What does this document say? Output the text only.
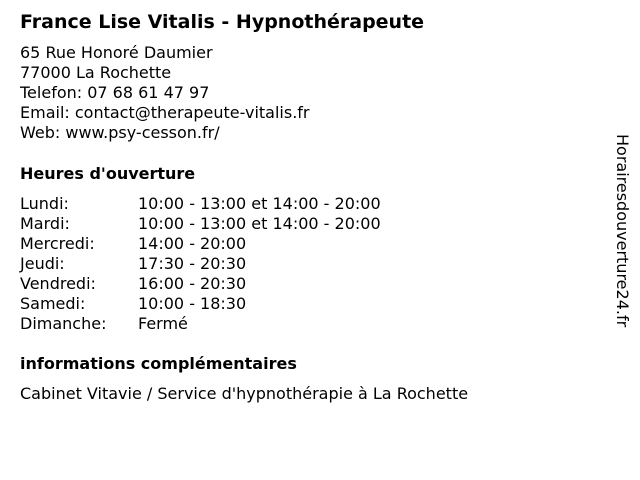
France Lise Vitalis - Hypnothérapeute
65 Rue Honoré Daumier
77000 La Rochette
Telefon: 07 68 61 47 97
Email: contact@therapeute-vitalis.fr
Web: www.psy-cesson.fr/
Heures d'ouverture
Lundi:	10:00 - 13:00 et 14:00 - 20:00
Mardi:	10:00 - 13:00 et 14:00 - 20:00
Mercredi:	14:00 - 20:00
Jeudi:	17:30 - 20:30
Vendredi:	16:00 - 20:30
Samedi:	10:00 - 18:30
Dimanche: Fermé
informations complémentaires
Cabinet Vitavie / Service d'hypnothérapie à La Rochette
Horairesdouverture24.fr
